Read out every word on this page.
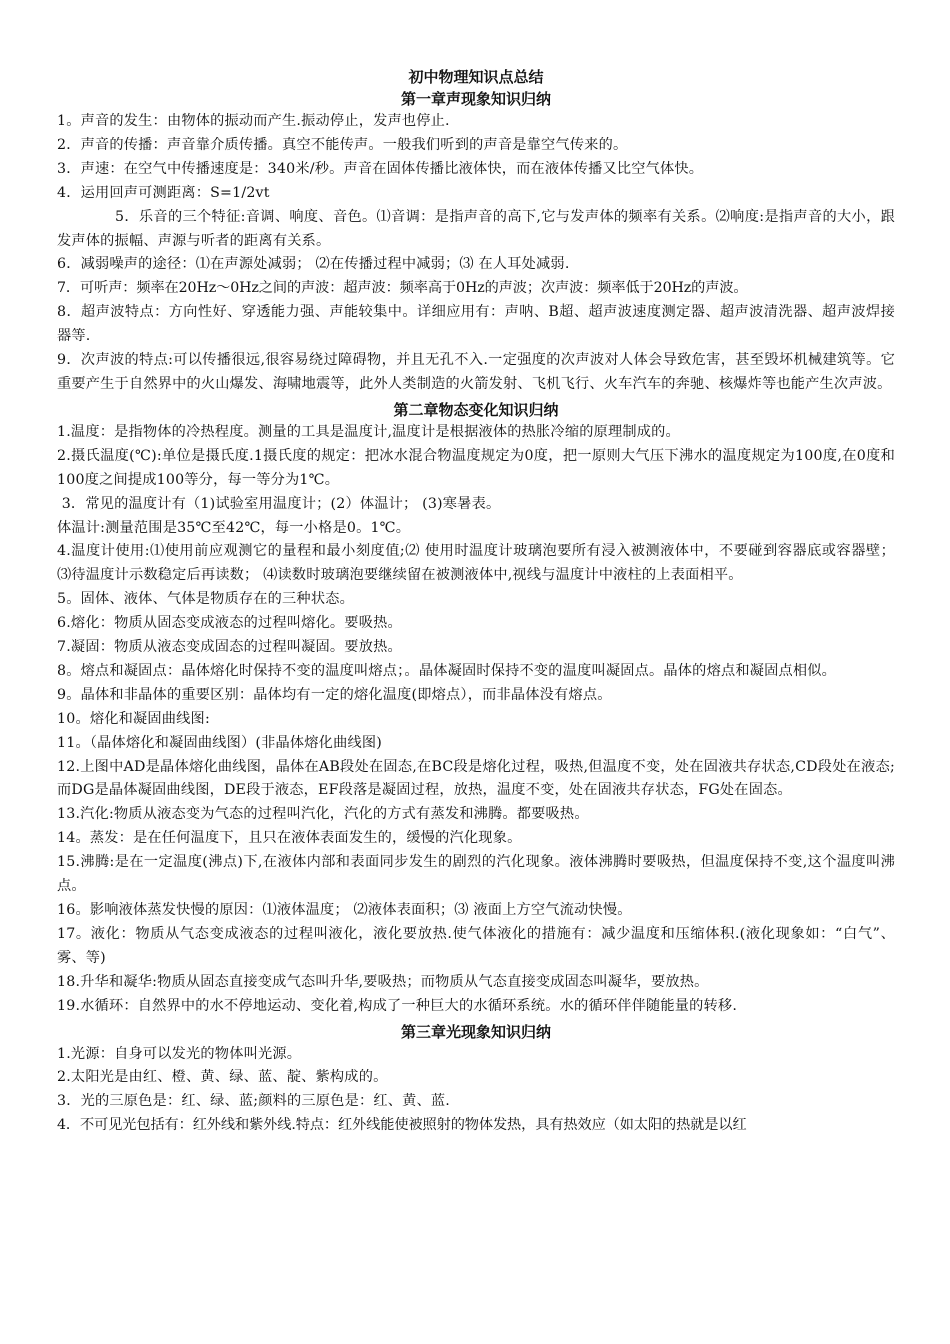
初中物理知识点总结
第一章声现象知识归纳
1。声音的发生：由物体的振动而产生.振动停止，发声也停止.
2．声音的传播：声音靠介质传播。真空不能传声。一般我们听到的声音是靠空气传来的。
3．声速：在空气中传播速度是：340米/秒。声音在固体传播比液体快，而在液体传播又比空气体快。
4．运用回声可测距离：S=1/2vt
5．乐音的三个特征:音调、响度、音色。⑴音调：是指声音的高下,它与发声体的频率有关系。⑵响度:是指声音的大小，跟发声体的振幅、声源与听者的距离有关系。
6．减弱噪声的途径：⑴在声源处减弱； ⑵在传播过程中减弱；⑶ 在人耳处减弱.
7．可听声：频率在20Hz～0Hz之间的声波：超声波：频率高于0Hz的声波；次声波：频率低于20Hz的声波。
8．超声波特点：方向性好、穿透能力强、声能较集中。详细应用有：声呐、B超、超声波速度测定器、超声波清洗器、超声波焊接器等.
9．次声波的特点:可以传播很远,很容易绕过障碍物，并且无孔不入.一定强度的次声波对人体会导致危害，甚至毁坏机械建筑等。它重要产生于自然界中的火山爆发、海啸地震等，此外人类制造的火箭发射、飞机飞行、火车汽车的奔驰、核爆炸等也能产生次声波。
第二章物态变化知识归纳
1.温度：是指物体的冷热程度。测量的工具是温度计,温度计是根据液体的热胀冷缩的原理制成的。
2.摄氏温度(℃):单位是摄氏度.1摄氏度的规定：把冰水混合物温度规定为0度，把一原则大气压下沸水的温度规定为100度,在0度和100度之间提成100等分，每一等分为1℃。
3．常见的温度计有（1)试验室用温度计；(2）体温计； (3)寒暑表。
体温计:测量范围是35℃至42℃，每一小格是0。1℃。
4.温度计使用:⑴使用前应观测它的量程和最小刻度值;⑵ 使用时温度计玻璃泡要所有浸入被测液体中，不要碰到容器底或容器壁； ⑶待温度计示数稳定后再读数； ⑷读数时玻璃泡要继续留在被测液体中,视线与温度计中液柱的上表面相平。
5。固体、液体、气体是物质存在的三种状态。
6.熔化：物质从固态变成液态的过程叫熔化。要吸热。
7.凝固：物质从液态变成固态的过程叫凝固。要放热。
8。熔点和凝固点：晶体熔化时保持不变的温度叫熔点；。晶体凝固时保持不变的温度叫凝固点。晶体的熔点和凝固点相似。
9。晶体和非晶体的重要区别：晶体均有一定的熔化温度(即熔点），而非晶体没有熔点。
10。熔化和凝固曲线图:
11。（晶体熔化和凝固曲线图）(非晶体熔化曲线图)
12.上图中AD是晶体熔化曲线图，晶体在AB段处在固态,在BC段是熔化过程，吸热,但温度不变，处在固液共存状态,CD段处在液态;而DG是晶体凝固曲线图，DE段于液态，EF段落是凝固过程，放热，温度不变，处在固液共存状态，FG处在固态。
13.汽化:物质从液态变为气态的过程叫汽化，汽化的方式有蒸发和沸腾。都要吸热。
14。蒸发：是在任何温度下，且只在液体表面发生的，缓慢的汽化现象。
15.沸腾:是在一定温度(沸点)下,在液体内部和表面同步发生的剧烈的汽化现象。液体沸腾时要吸热，但温度保持不变,这个温度叫沸点。
16。影响液体蒸发快慢的原因：⑴液体温度； ⑵液体表面积；⑶ 液面上方空气流动快慢。
17。液化：物质从气态变成液态的过程叫液化，液化要放热.使气体液化的措施有：减少温度和压缩体积.(液化现象如：“白气”、雾、等)
18.升华和凝华:物质从固态直接变成气态叫升华,要吸热；而物质从气态直接变成固态叫凝华，要放热。
19.水循环：自然界中的水不停地运动、变化着,构成了一种巨大的水循环系统。水的循环伴伴随能量的转移.
第三章光现象知识归纳
1.光源：自身可以发光的物体叫光源。
2.太阳光是由红、橙、黄、绿、蓝、靛、紫构成的。
3．光的三原色是：红、绿、蓝;颜料的三原色是：红、黄、蓝.
4．不可见光包括有：红外线和紫外线.特点：红外线能使被照射的物体发热，具有热效应（如太阳的热就是以红
